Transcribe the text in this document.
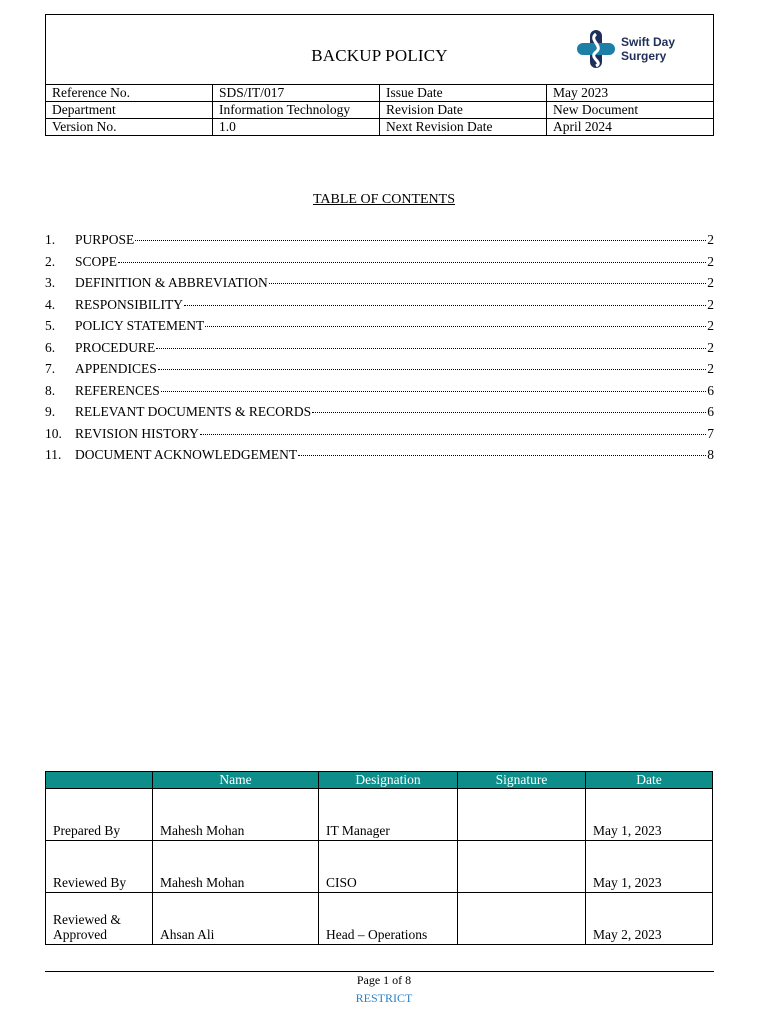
BACKUP POLICY
Swift Day
Surgery
Reference No.	SDS/IT/017	Issue Date	May 2023
Department	Information Technology	Revision Date	New Document
Version No.	1.0	Next Revision Date	April 2024
TABLE OF CONTENTS
1.	PURPOSE	2
2.	SCOPE	2
3.	DEFINITION & ABBREVIATION	2
4.	RESPONSIBILITY	2
5.	POLICY STATEMENT	2
6.	PROCEDURE	2
7.	APPENDICES	2
8.	REFERENCES	6
9.	RELEVANT DOCUMENTS & RECORDS	6
10. REVISION HISTORY	7
11.	DOCUMENT ACKNOWLEDGEMENT	8
	Name	Designation	Signature	Date
Prepared By	Mahesh Mohan	IT Manager		May 1, 2023
Reviewed By	Mahesh Mohan	CISO		May 1, 2023
Reviewed & Approved	Ahsan Ali	Head – Operations		May 2, 2023
Page 1 of 8
RESTRICT
